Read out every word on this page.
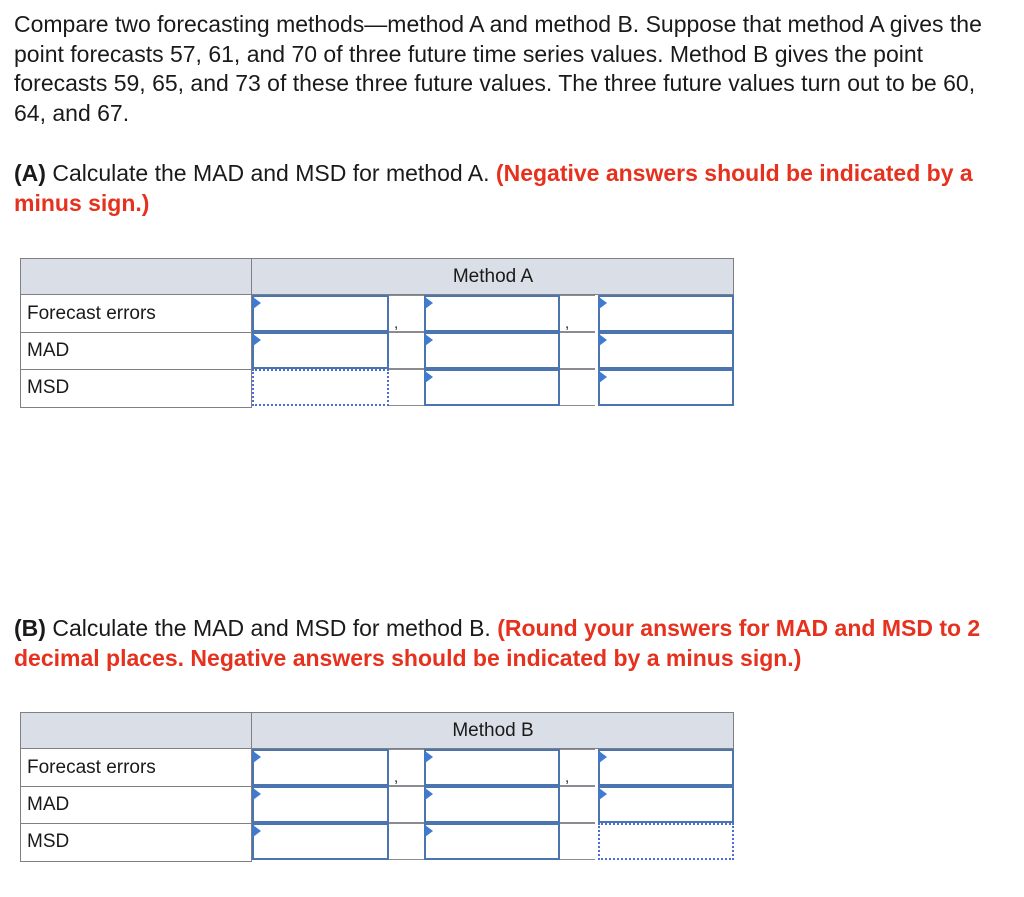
Compare two forecasting methods—method A and method B. Suppose that method A gives the point forecasts 57, 61, and 70 of three future time series values. Method B gives the point forecasts 59, 65, and 73 of these three future values. The three future values turn out to be 60, 64, and 67.

(A) Calculate the MAD and MSD for method A. (Negative answers should be indicated by a minus sign.)

Method A
Forecast errors
MAD
MSD
,	,

(B) Calculate the MAD and MSD for method B. (Round your answers for MAD and MSD to 2 decimal places. Negative answers should be indicated by a minus sign.)

Method B
Forecast errors
MAD
MSD
,	,
